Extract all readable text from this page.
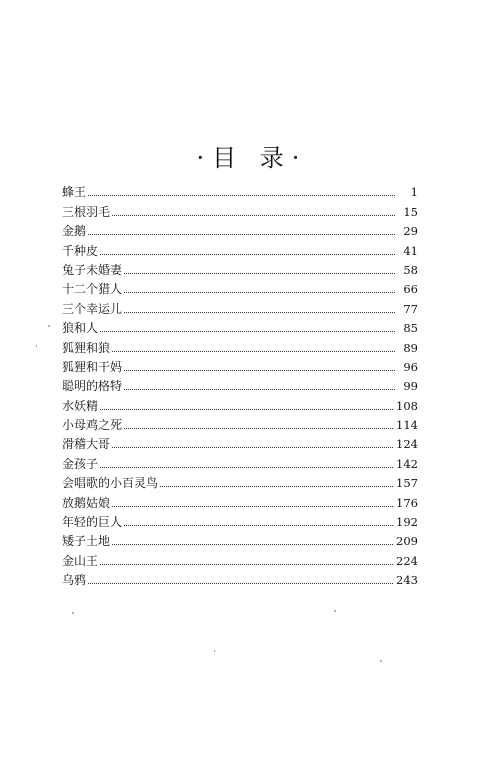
·目 录·
蜂王	1
三根羽毛	15
金鹅	29
千种皮	41
兔子未婚妻	58
十二个猎人	66
三个幸运儿	77
狼和人	85
狐狸和狼	89
狐狸和干妈	96
聪明的格特	99
水妖精	108
小母鸡之死	114
滑稽大哥	124
金孩子	142
会唱歌的小百灵鸟	157
放鹅姑娘	176
年轻的巨人	192
矮子土地	209
金山王	224
乌鸦	243
